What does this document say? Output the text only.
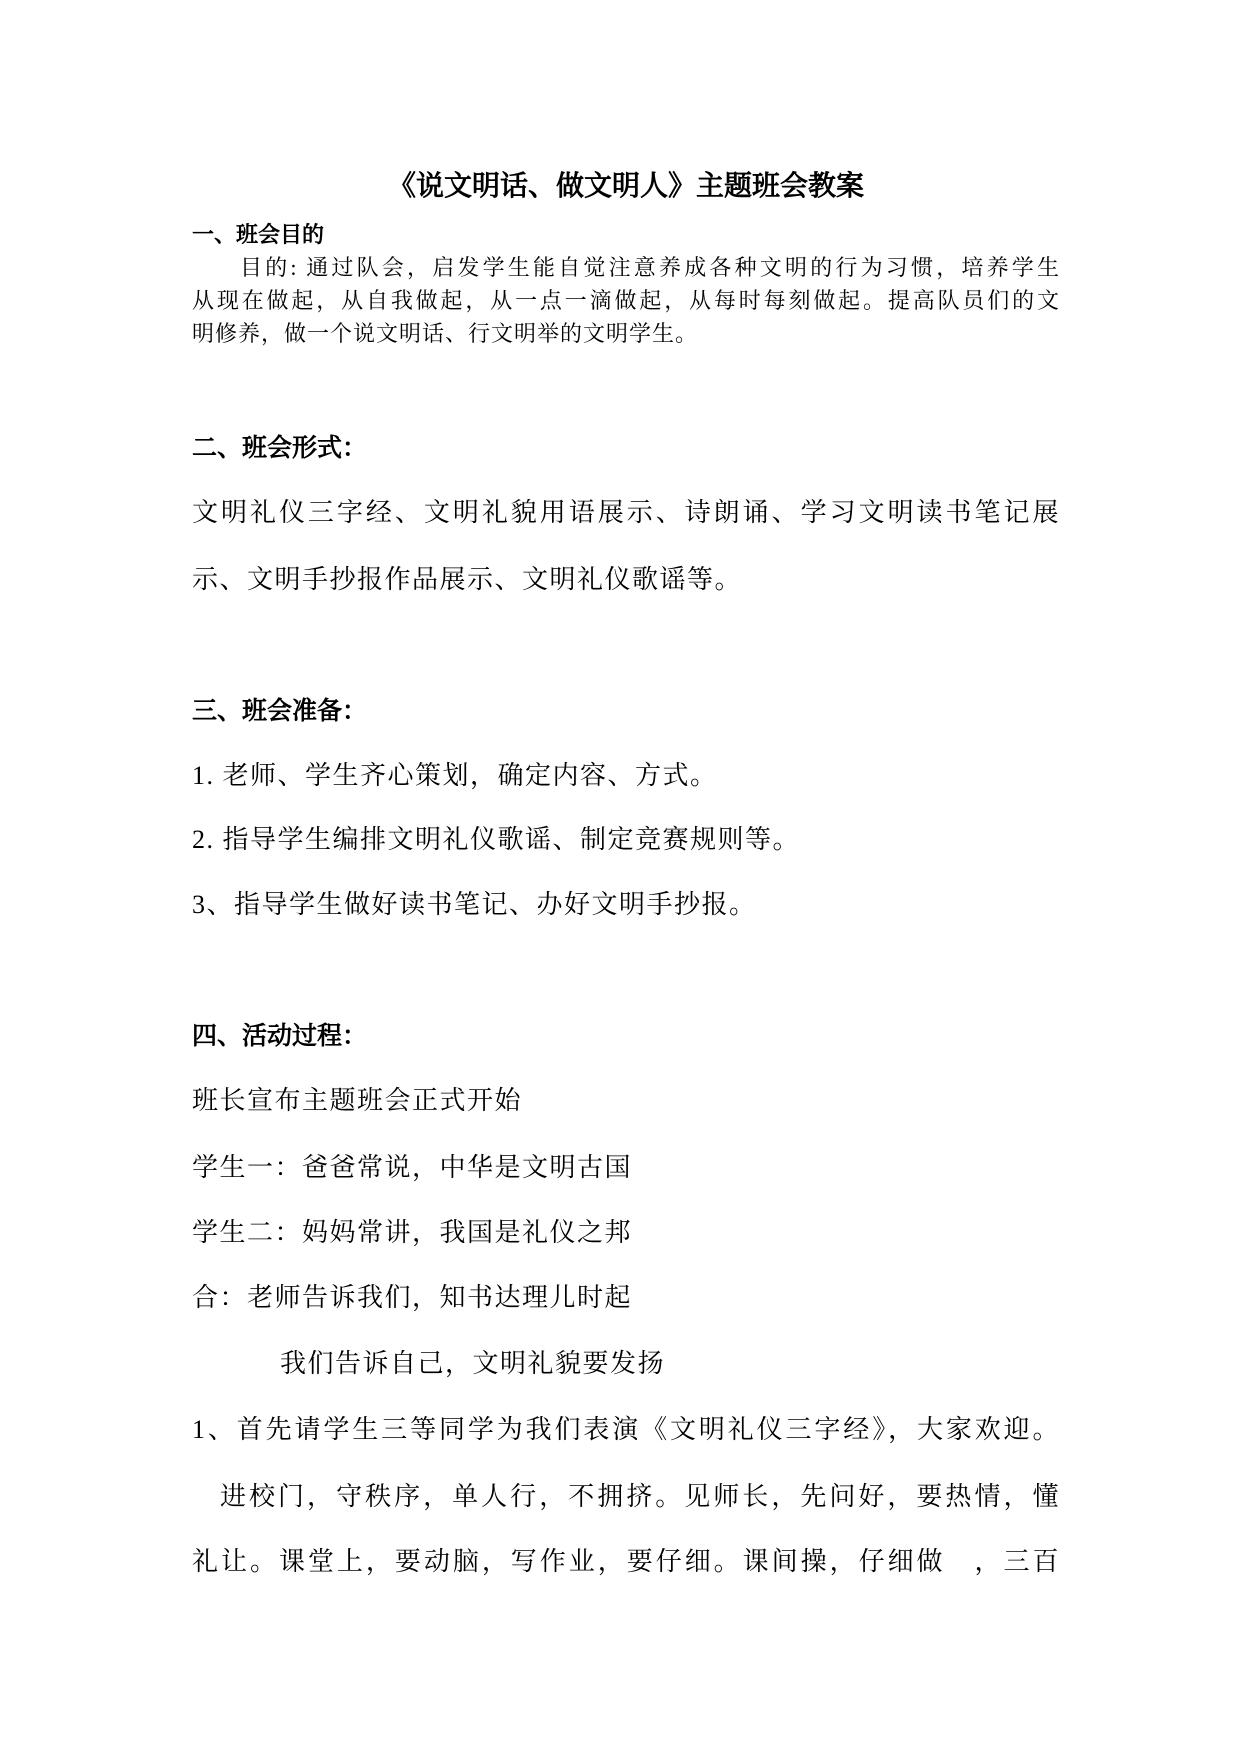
《说文明话、做文明人》主题班会教案
一、班会目的
目的: 通过队会，启发学生能自觉注意养成各种文明的行为习惯，培养学生
从现在做起，从自我做起，从一点一滴做起，从每时每刻做起。提高队员们的文
明修养，做一个说文明话、行文明举的文明学生。
二、班会形式：
文明礼仪三字经、文明礼貌用语展示、诗朗诵、学习文明读书笔记展
示、文明手抄报作品展示、文明礼仪歌谣等。
三、班会准备：
1. 老师、学生齐心策划，确定内容、方式。
2. 指导学生编排文明礼仪歌谣、制定竞赛规则等。
3、指导学生做好读书笔记、办好文明手抄报。
四、活动过程：
班长宣布主题班会正式开始
学生一：爸爸常说，中华是文明古国
学生二：妈妈常讲，我国是礼仪之邦
合：老师告诉我们，知书达理儿时起
我们告诉自己，文明礼貌要发扬
1、首先请学生三等同学为我们表演《文明礼仪三字经》，大家欢迎。
进校门，守秩序，单人行，不拥挤。见师长，先问好，要热情，懂
礼让。课堂上，要动脑，写作业，要仔细。课间操，仔细做　，三百
